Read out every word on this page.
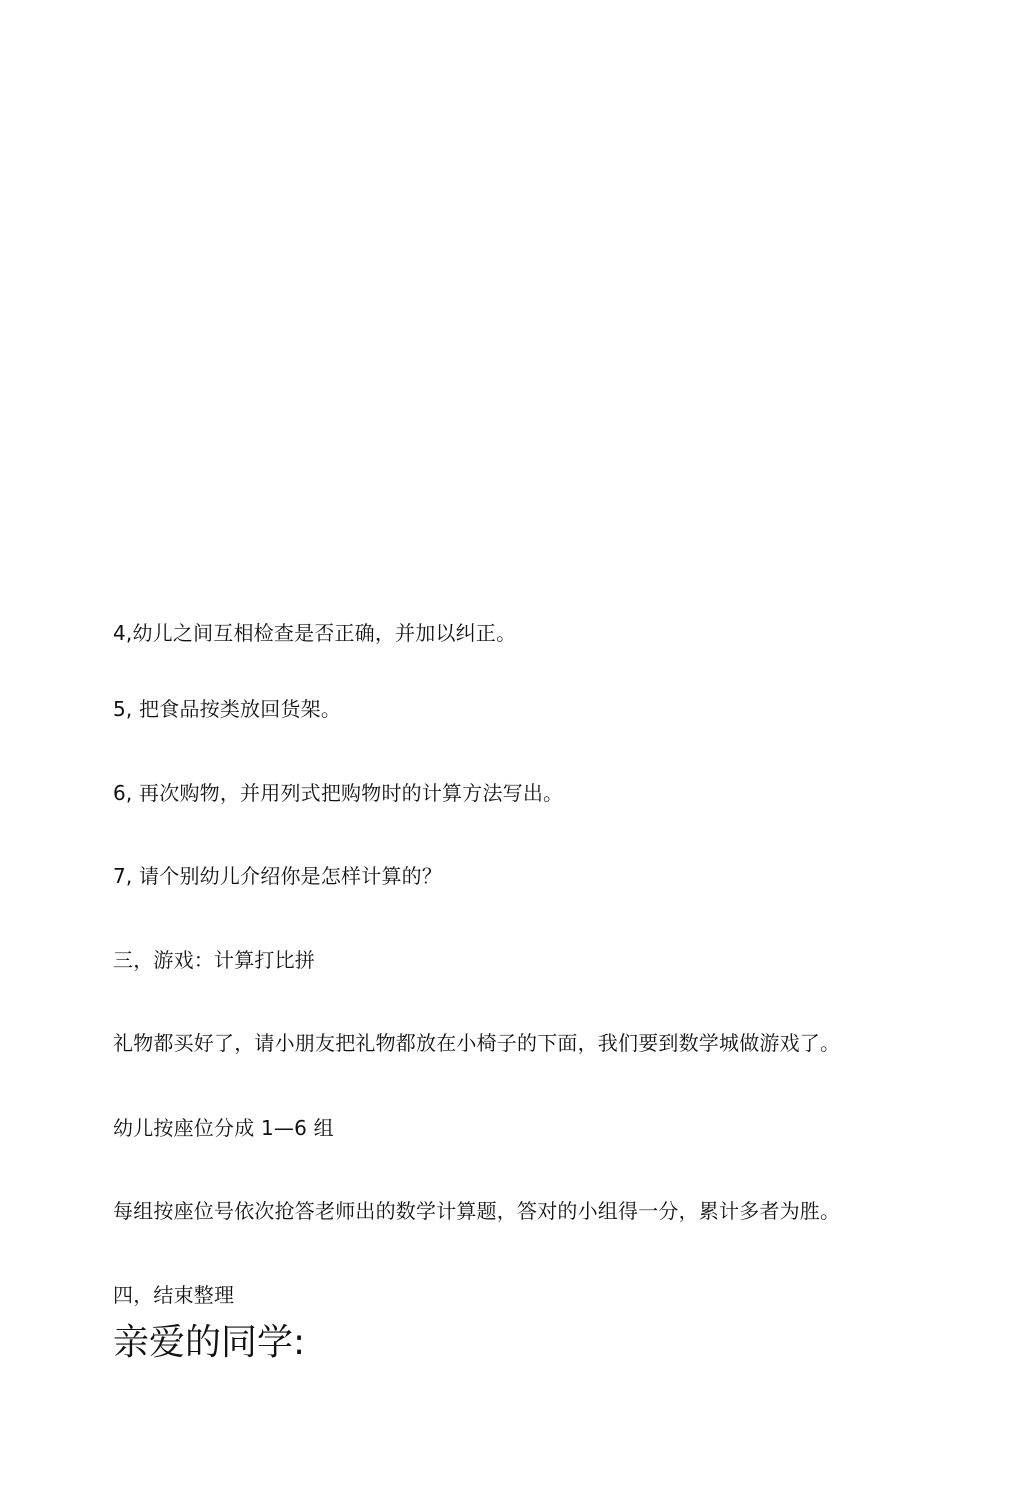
4,幼儿之间互相检查是否正确，并加以纠正。
5, 把食品按类放回货架。
6, 再次购物，并用列式把购物时的计算方法写出。
7, 请个别幼儿介绍你是怎样计算的？
三，游戏：计算打比拼
礼物都买好了，请小朋友把礼物都放在小椅子的下面，我们要到数学城做游戏了。
幼儿按座位分成 1—6 组
每组按座位号依次抢答老师出的数学计算题，答对的小组得一分，累计多者为胜。
四，结束整理
亲爱的同学:
